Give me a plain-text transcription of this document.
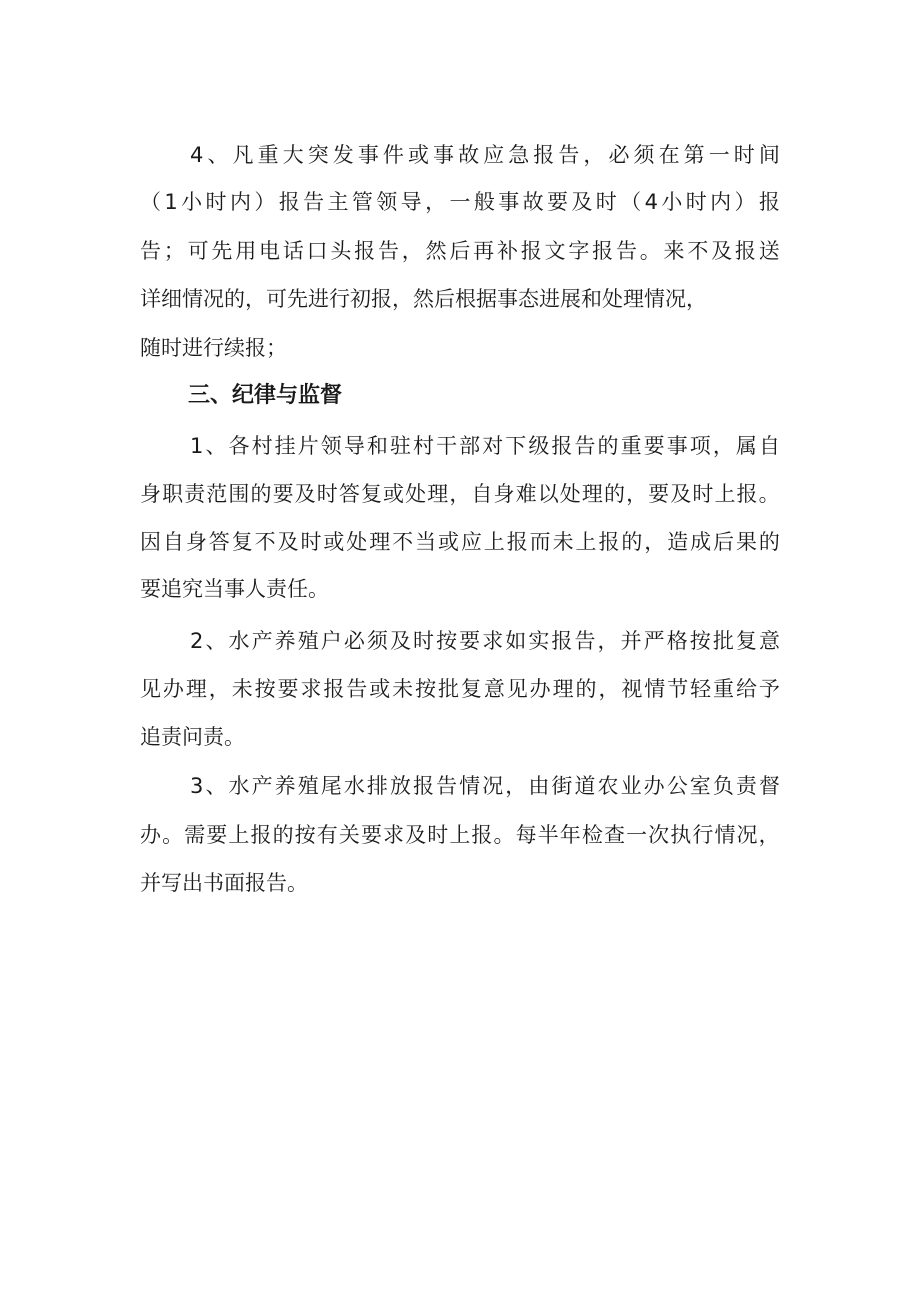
4 、 凡 重 大 突 发 事 件 或 事 故 应 急 报 告 ， 必 须 在 第 一 时 间
（ 1 小 时 内 ） 报 告 主 管 领 导 ， 一 般 事 故 要 及 时 （ 4 小 时 内 ） 报
告 ； 可 先 用 电 话 口 头 报 告 ， 然 后 再 补 报 文 字 报 告 。 来 不 及 报 送
详细情况的，可先进行初报，然后根据事态进展和处理情况，
随时进行续报；
三、纪律与监督
1 、 各 村 挂 片 领 导 和 驻 村 干 部 对 下 级 报 告 的 重 要 事 项 ， 属 自
身 职 责 范 围 的 要 及 时 答 复 或 处 理 ， 自 身 难 以 处 理 的 ， 要 及 时 上 报 。
因 自 身 答 复 不 及 时 或 处 理 不 当 或 应 上 报 而 未 上 报 的 ， 造 成 后 果 的
要追究当事人责任。
2 、 水 产 养 殖 户 必 须 及 时 按 要 求 如 实 报 告 ， 并 严 格 按 批 复 意
见 办 理 ， 未 按 要 求 报 告 或 未 按 批 复 意 见 办 理 的 ， 视 情 节 轻 重 给 予
追责问责。
3 、 水 产 养 殖 尾 水 排 放 报 告 情 况 ， 由 街 道 农 业 办 公 室 负 责 督
办 。 需 要 上 报 的 按 有 关 要 求 及 时 上 报 。 每 半 年 检 查 一 次 执 行 情 况 ，
并写出书面报告。
